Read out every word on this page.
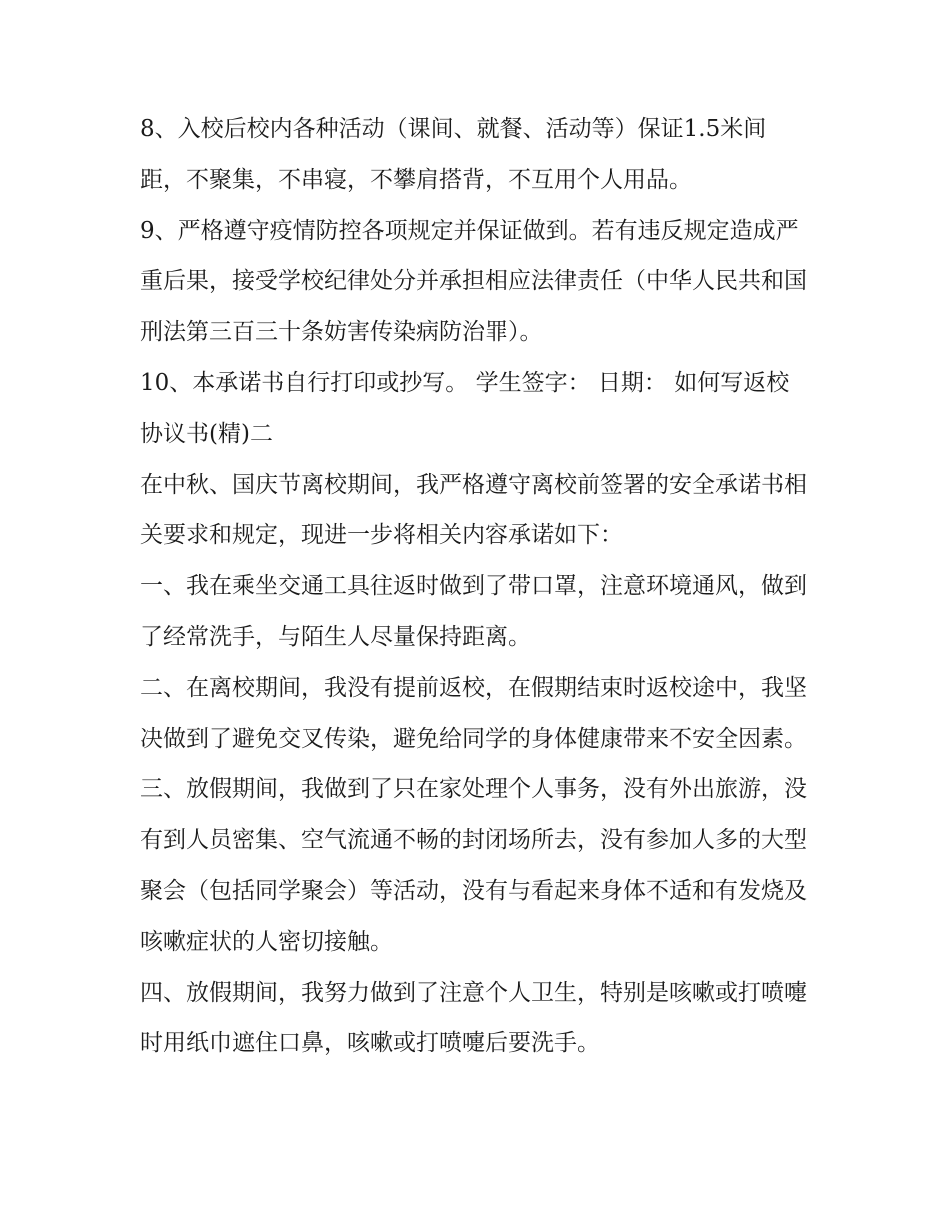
8、入校后校内各种活动（课间、就餐、活动等）保证1.5米间距，不聚集，不串寝，不攀肩搭背，不互用个人用品。

9、严格遵守疫情防控各项规定并保证做到。若有违反规定造成严重后果，接受学校纪律处分并承担相应法律责任（中华人民共和国刑法第三百三十条妨害传染病防治罪）。

10、本承诺书自行打印或抄写。 学生签字： 日期： 如何写返校协议书(精)二

在中秋、国庆节离校期间，我严格遵守离校前签署的安全承诺书相关要求和规定，现进一步将相关内容承诺如下：

一、我在乘坐交通工具往返时做到了带口罩，注意环境通风，做到了经常洗手，与陌生人尽量保持距离。

二、在离校期间，我没有提前返校，在假期结束时返校途中，我坚决做到了避免交叉传染，避免给同学的身体健康带来不安全因素。

三、放假期间，我做到了只在家处理个人事务，没有外出旅游，没有到人员密集、空气流通不畅的封闭场所去，没有参加人多的大型聚会（包括同学聚会）等活动，没有与看起来身体不适和有发烧及咳嗽症状的人密切接触。

四、放假期间，我努力做到了注意个人卫生，特别是咳嗽或打喷嚏时用纸巾遮住口鼻，咳嗽或打喷嚏后要洗手。
